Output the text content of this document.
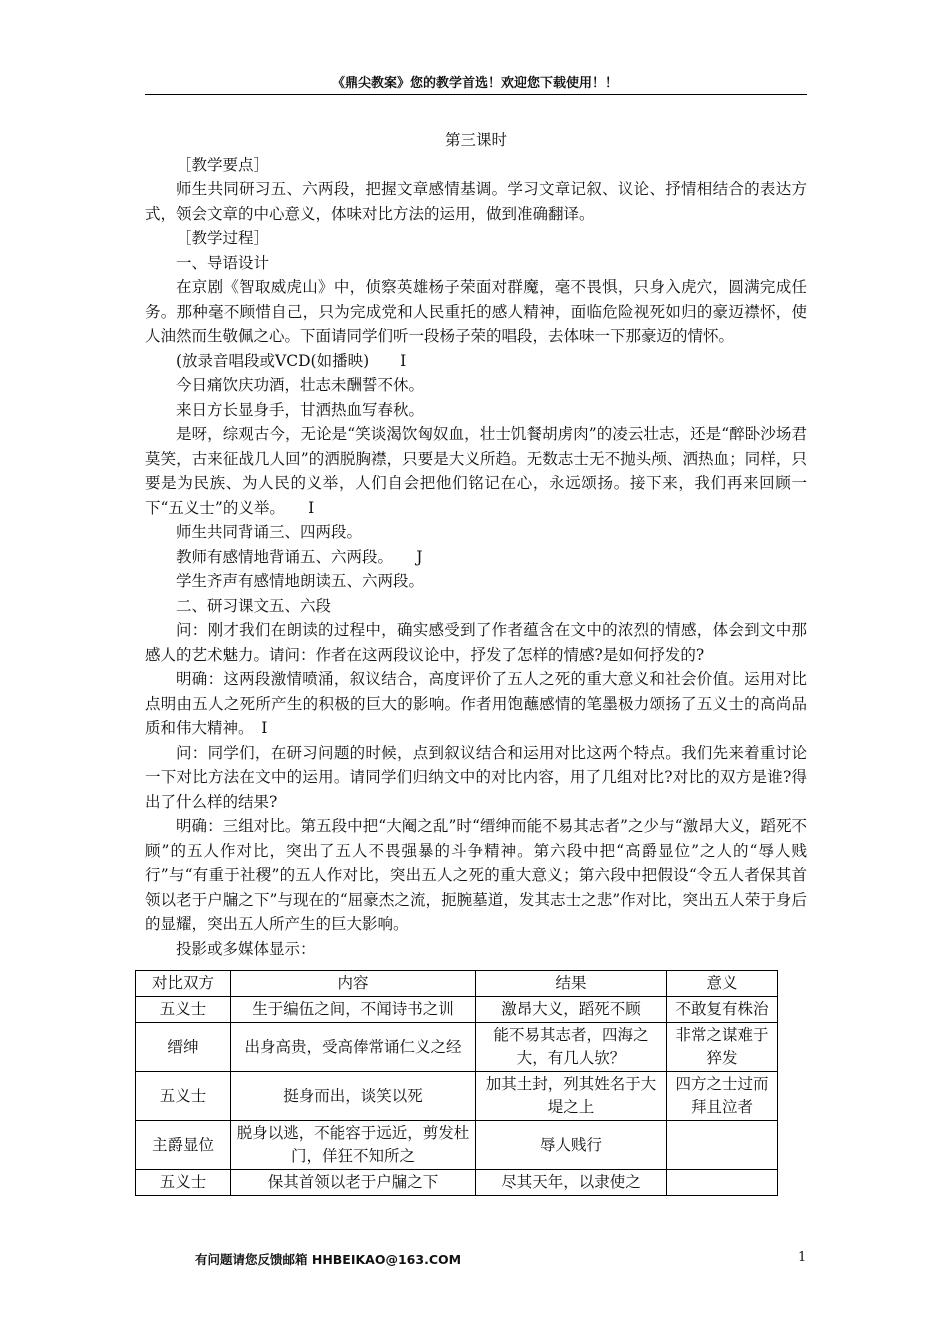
《鼎尖教案》您的教学首选！欢迎您下载使用！！

第三课时

［教学要点］

师生共同研习五、六两段，把握文章感情基调。学习文章记叙、议论、抒情相结合的表达方式，领会文章的中心意义，体味对比方法的运用，做到准确翻译。

［教学过程］

一、导语设计

在京剧《智取威虎山》中，侦察英雄杨子荣面对群魔，毫不畏惧，只身入虎穴，圆满完成任务。那种毫不顾惜自己，只为完成党和人民重托的感人精神，面临危险视死如归的豪迈襟怀，使人油然而生敬佩之心。下面请同学们听一段杨子荣的唱段，去体味一下那豪迈的情怀。

(放录音唱段或VCD(如播映)　　I

今日痛饮庆功酒，壮志未酬誓不休。

来日方长显身手，甘洒热血写春秋。

是呀，综观古今，无论是“笑谈渴饮匈奴血，壮士饥餐胡虏肉”的凌云壮志，还是“醉卧沙场君莫笑，古来征战几人回”的洒脱胸襟，只要是大义所趋。无数志士无不抛头颅、洒热血；同样，只要是为民族、为人民的义举，人们自会把他们铭记在心，永远颂扬。接下来，我们再来回顾一下“五义士”的义举。　　I

师生共同背诵三、四两段。

教师有感情地背诵五、六两段。　　J

学生齐声有感情地朗读五、六两段。

二、研习课文五、六段

问：刚才我们在朗读的过程中，确实感受到了作者蕴含在文中的浓烈的情感，体会到文中那感人的艺术魅力。请问：作者在这两段议论中，抒发了怎样的情感?是如何抒发的?

明确：这两段激情喷涌，叙议结合，高度评价了五人之死的重大意义和社会价值。运用对比点明由五人之死所产生的积极的巨大的影响。作者用饱蘸感情的笔墨极力颂扬了五义士的高尚品质和伟大精神。　I

问：同学们，在研习问题的时候，点到叙议结合和运用对比这两个特点。我们先来着重讨论一下对比方法在文中的运用。请同学们归纳文中的对比内容，用了几组对比?对比的双方是谁?得出了什么样的结果?

明确：三组对比。第五段中把“大阉之乱”时“缙绅而能不易其志者”之少与“激昂大义，蹈死不顾”的五人作对比，突出了五人不畏强暴的斗争精神。第六段中把“高爵显位”之人的“辱人贱行”与“有重于社稷”的五人作对比，突出五人之死的重大意义；第六段中把假设“令五人者保其首领以老于户牖之下”与现在的“屈豪杰之流，扼腕墓道，发其志士之悲”作对比，突出五人荣于身后的显耀，突出五人所产生的巨大影响。

投影或多媒体显示：

对比双方	内容	结果	意义
五义士	生于编伍之间，不闻诗书之训	激昂大义，蹈死不顾	不敢复有株治
缙绅	出身高贵，受高俸常诵仁义之经	能不易其志者，四海之大，有几人欤？	非常之谋难于猝发
五义士	挺身而出，谈笑以死	加其土封，列其姓名于大堤之上	四方之士过而拜且泣者
主爵显位	脱身以逃，不能容于远近，剪发杜门，佯狂不知所之	辱人贱行	
五义士	保其首领以老于户牖之下	尽其天年，以隶使之	
有问题请您反馈邮箱 HHBEIKAO@163.COM	1
